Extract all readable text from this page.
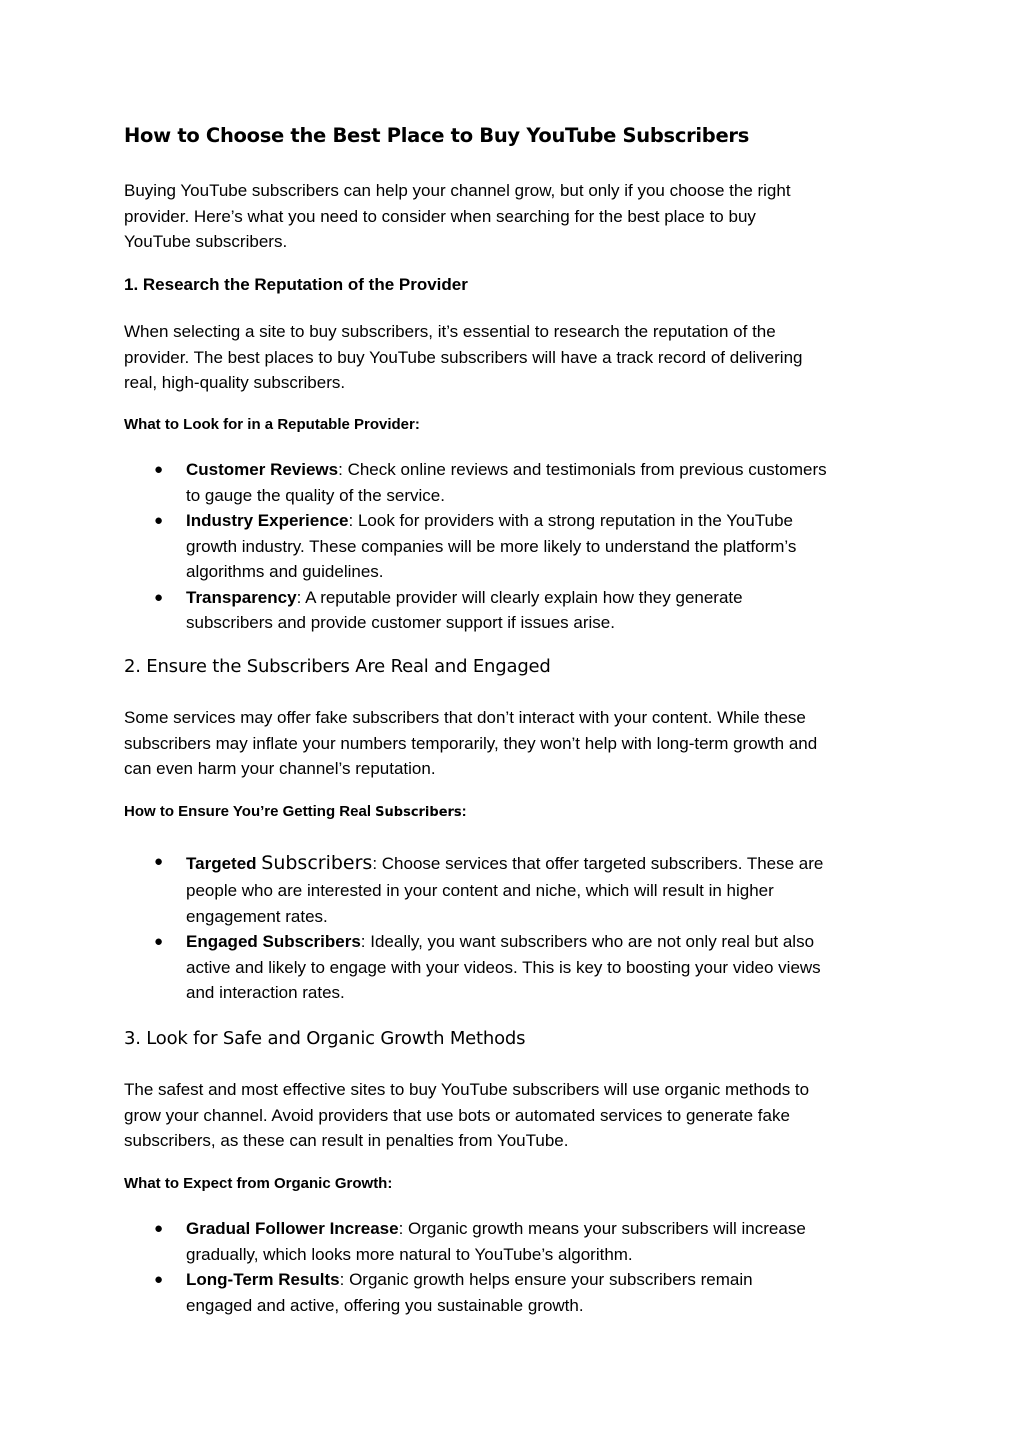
How to Choose the Best Place to Buy YouTube Subscribers

Buying YouTube subscribers can help your channel grow, but only if you choose the right
provider. Here’s what you need to consider when searching for the best place to buy
YouTube subscribers.

1. Research the Reputation of the Provider

When selecting a site to buy subscribers, it’s essential to research the reputation of the
provider. The best places to buy YouTube subscribers will have a track record of delivering
real, high-quality subscribers.

What to Look for in a Reputable Provider:
● Customer Reviews: Check online reviews and testimonials from previous customers
to gauge the quality of the service.
● Industry Experience: Look for providers with a strong reputation in the YouTube
growth industry. These companies will be more likely to understand the platform’s
algorithms and guidelines.
● Transparency: A reputable provider will clearly explain how they generate
subscribers and provide customer support if issues arise.
2. Ensure the Subscribers Are Real and Engaged

Some services may offer fake subscribers that don’t interact with your content. While these
subscribers may inflate your numbers temporarily, they won’t help with long-term growth and
can even harm your channel’s reputation.

How to Ensure You’re Getting Real Subscribers:
● Targeted Subscribers: Choose services that offer targeted subscribers. These are
people who are interested in your content and niche, which will result in higher
engagement rates.
● Engaged Subscribers: Ideally, you want subscribers who are not only real but also
active and likely to engage with your videos. This is key to boosting your video views
and interaction rates.
3. Look for Safe and Organic Growth Methods

The safest and most effective sites to buy YouTube subscribers will use organic methods to
grow your channel. Avoid providers that use bots or automated services to generate fake
subscribers, as these can result in penalties from YouTube.

What to Expect from Organic Growth:
● Gradual Follower Increase: Organic growth means your subscribers will increase
gradually, which looks more natural to YouTube’s algorithm.
● Long-Term Results: Organic growth helps ensure your subscribers remain
engaged and active, offering you sustainable growth.
